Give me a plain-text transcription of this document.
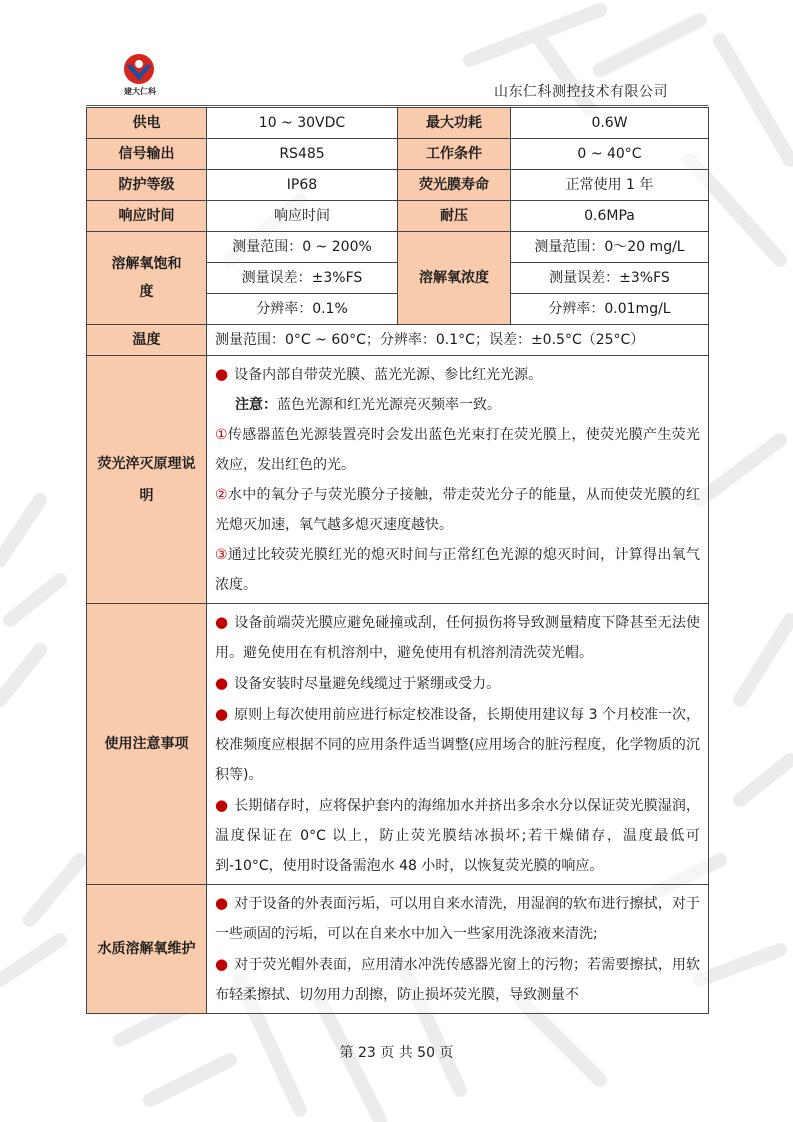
建大仁科	山东仁科测控技术有限公司
供电	10 ~ 30VDC	最大功耗	0.6W
信号输出	RS485	工作条件	0 ~ 40°C
防护等级	IP68	荧光膜寿命	正常使用 1 年
响应时间	响应时间	耐压	0.6MPa
溶解氧饱和度	测量范围：0 ~ 200%	溶解氧浓度	测量范围：0～20 mg/L
	测量误差：±3%FS		测量误差：±3%FS
	分辨率：0.1%		分辨率：0.01mg/L
温度	测量范围：0°C ~ 60°C；分辨率：0.1°C；误差：±0.5°C（25°C）		
荧光淬灭原理说明	● 设备内部自带荧光膜、蓝光光源、参比红光光源。

注意：蓝色光源和红光光源亮灭频率一致。

①传感器蓝色光源装置亮时会发出蓝色光束打在荧光膜上，使荧光膜产生荧光效应，发出红色的光。

②水中的氧分子与荧光膜分子接触，带走荧光分子的能量，从而使荧光膜的红光熄灭加速，氧气越多熄灭速度越快。

③通过比较荧光膜红光的熄灭时间与正常红色光源的熄灭时间，计算得出氧气浓度。		

使用注意事项	● 设备前端荧光膜应避免碰撞或刮，任何损伤将导致测量精度下降甚至无法使用。避免使用在有机溶剂中，避免使用有机溶剂清洗荧光帽。

● 设备安装时尽量避免线缆过于紧绷或受力。

● 原则上每次使用前应进行标定校准设备，长期使用建议每 3 个月校准一次，校准频度应根据不同的应用条件适当调整(应用场合的脏污程度，化学物质的沉积等)。

● 长期储存时，应将保护套内的海绵加水并挤出多余水分以保证荧光膜湿润，温度保证在 0°C 以上，防止荧光膜结冰损坏;若干燥储存，温度最低可到-10°C，使用时设备需泡水 48 小时，以恢复荧光膜的响应。		

水质溶解氧维护	● 对于设备的外表面污垢，可以用自来水清洗，用湿润的软布进行擦拭，对于一些顽固的污垢，可以在自来水中加入一些家用洗涤液来清洗;

● 对于荧光帽外表面，应用清水冲洗传感器光窗上的污物；若需要擦拭，用软布轻柔擦拭、切勿用力刮擦，防止损坏荧光膜，导致测量不		

第 23 页 共 50 页
